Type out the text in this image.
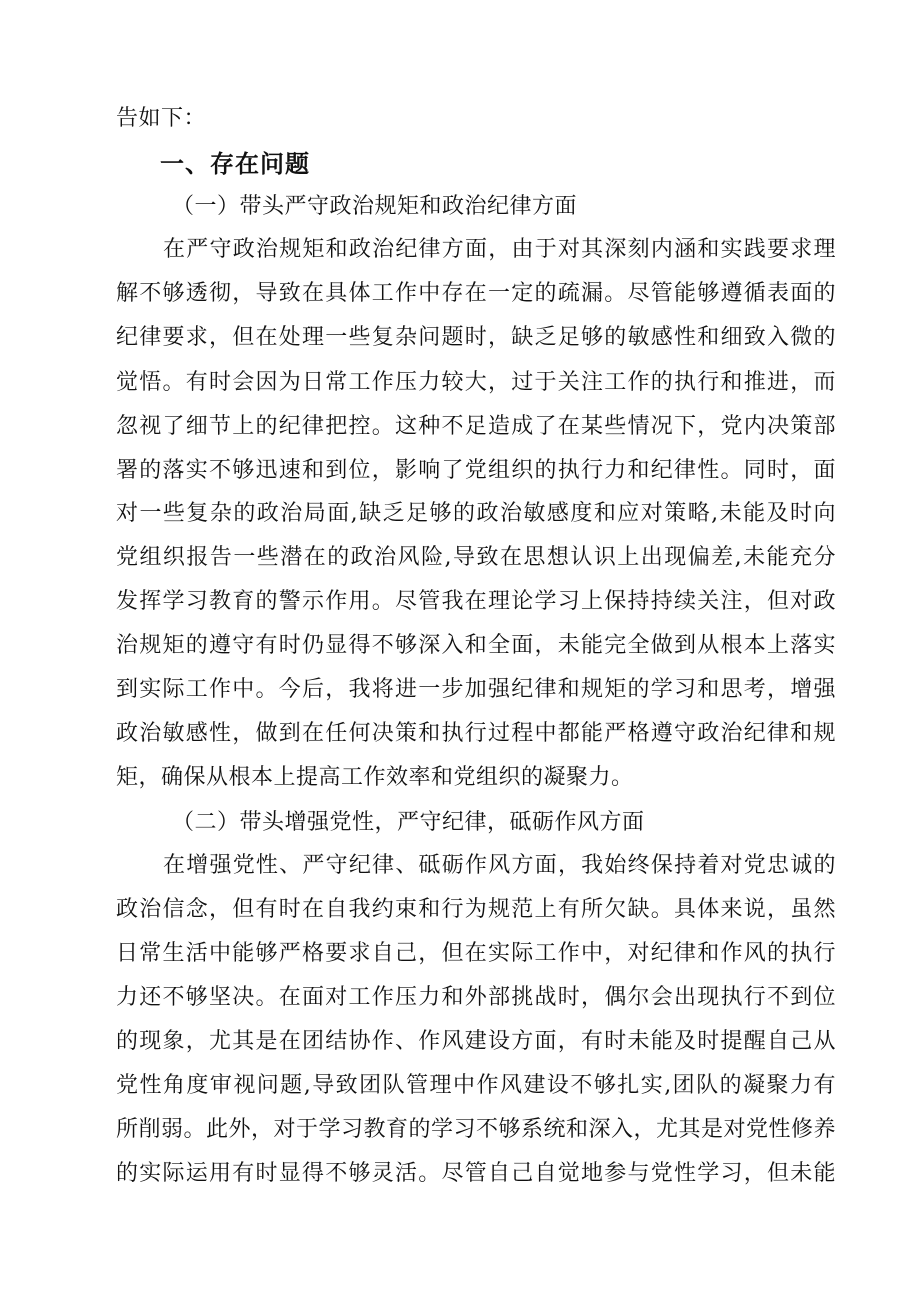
告如下：
一、存在问题
（一）带头严守政治规矩和政治纪律方面
在严守政治规矩和政治纪律方面，由于对其深刻内涵和实践要求理
解不够透彻，导致在具体工作中存在一定的疏漏。尽管能够遵循表面的
纪律要求，但在处理一些复杂问题时，缺乏足够的敏感性和细致入微的
觉悟。有时会因为日常工作压力较大，过于关注工作的执行和推进，而
忽视了细节上的纪律把控。这种不足造成了在某些情况下，党内决策部
署的落实不够迅速和到位，影响了党组织的执行力和纪律性。同时，面
对一些复杂的政治局面,缺乏足够的政治敏感度和应对策略,未能及时向
党组织报告一些潜在的政治风险,导致在思想认识上出现偏差,未能充分
发挥学习教育的警示作用。尽管我在理论学习上保持持续关注，但对政
治规矩的遵守有时仍显得不够深入和全面，未能完全做到从根本上落实
到实际工作中。今后，我将进一步加强纪律和规矩的学习和思考，增强
政治敏感性，做到在任何决策和执行过程中都能严格遵守政治纪律和规
矩，确保从根本上提高工作效率和党组织的凝聚力。
（二）带头增强党性，严守纪律，砥砺作风方面
在增强党性、严守纪律、砥砺作风方面，我始终保持着对党忠诚的
政治信念，但有时在自我约束和行为规范上有所欠缺。具体来说，虽然
日常生活中能够严格要求自己，但在实际工作中，对纪律和作风的执行
力还不够坚决。在面对工作压力和外部挑战时，偶尔会出现执行不到位
的现象，尤其是在团结协作、作风建设方面，有时未能及时提醒自己从
党性角度审视问题,导致团队管理中作风建设不够扎实,团队的凝聚力有
所削弱。此外，对于学习教育的学习不够系统和深入，尤其是对党性修养
的实际运用有时显得不够灵活。尽管自己自觉地参与党性学习，但未能
